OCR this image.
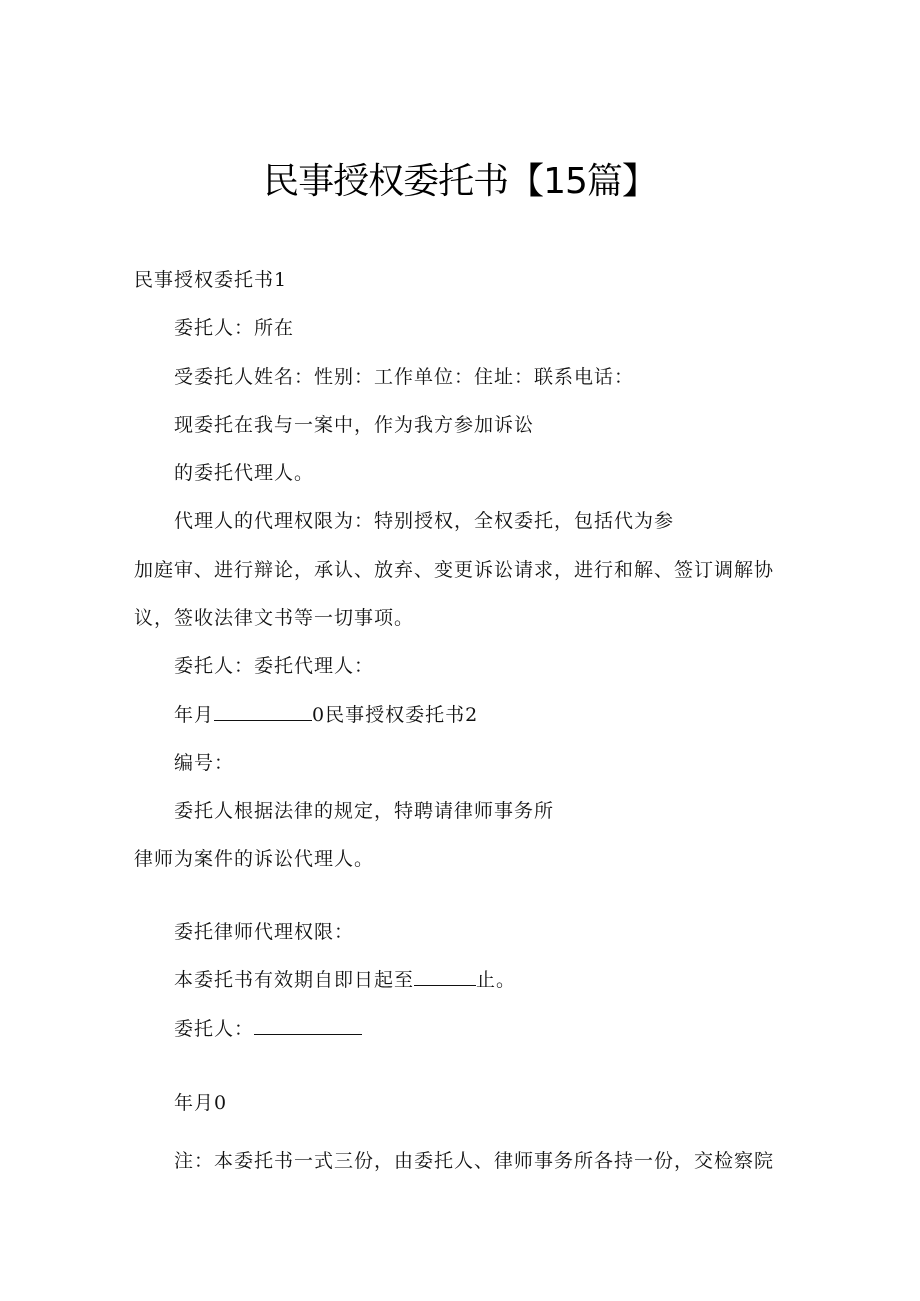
民事授权委托书【15篇】
民事授权委托书1
委托人：所在
受委托人姓名：性别：工作单位：住址：联系电话：
现委托在我与一案中，作为我方参加诉讼
的委托代理人。
代理人的代理权限为：特别授权，全权委托，包括代为参
加庭审、进行辩论，承认、放弃、变更诉讼请求，进行和解、签订调解协
议，签收法律文书等一切事项。
委托人：委托代理人：
年月	0民事授权委托书2
编号：
委托人根据法律的规定，特聘请律师事务所
律师为案件的诉讼代理人。
委托律师代理权限：
本委托书有效期自即日起至	止。
委托人：
年月0
注：本委托书一式三份，由委托人、律师事务所各持一份，交检察院
